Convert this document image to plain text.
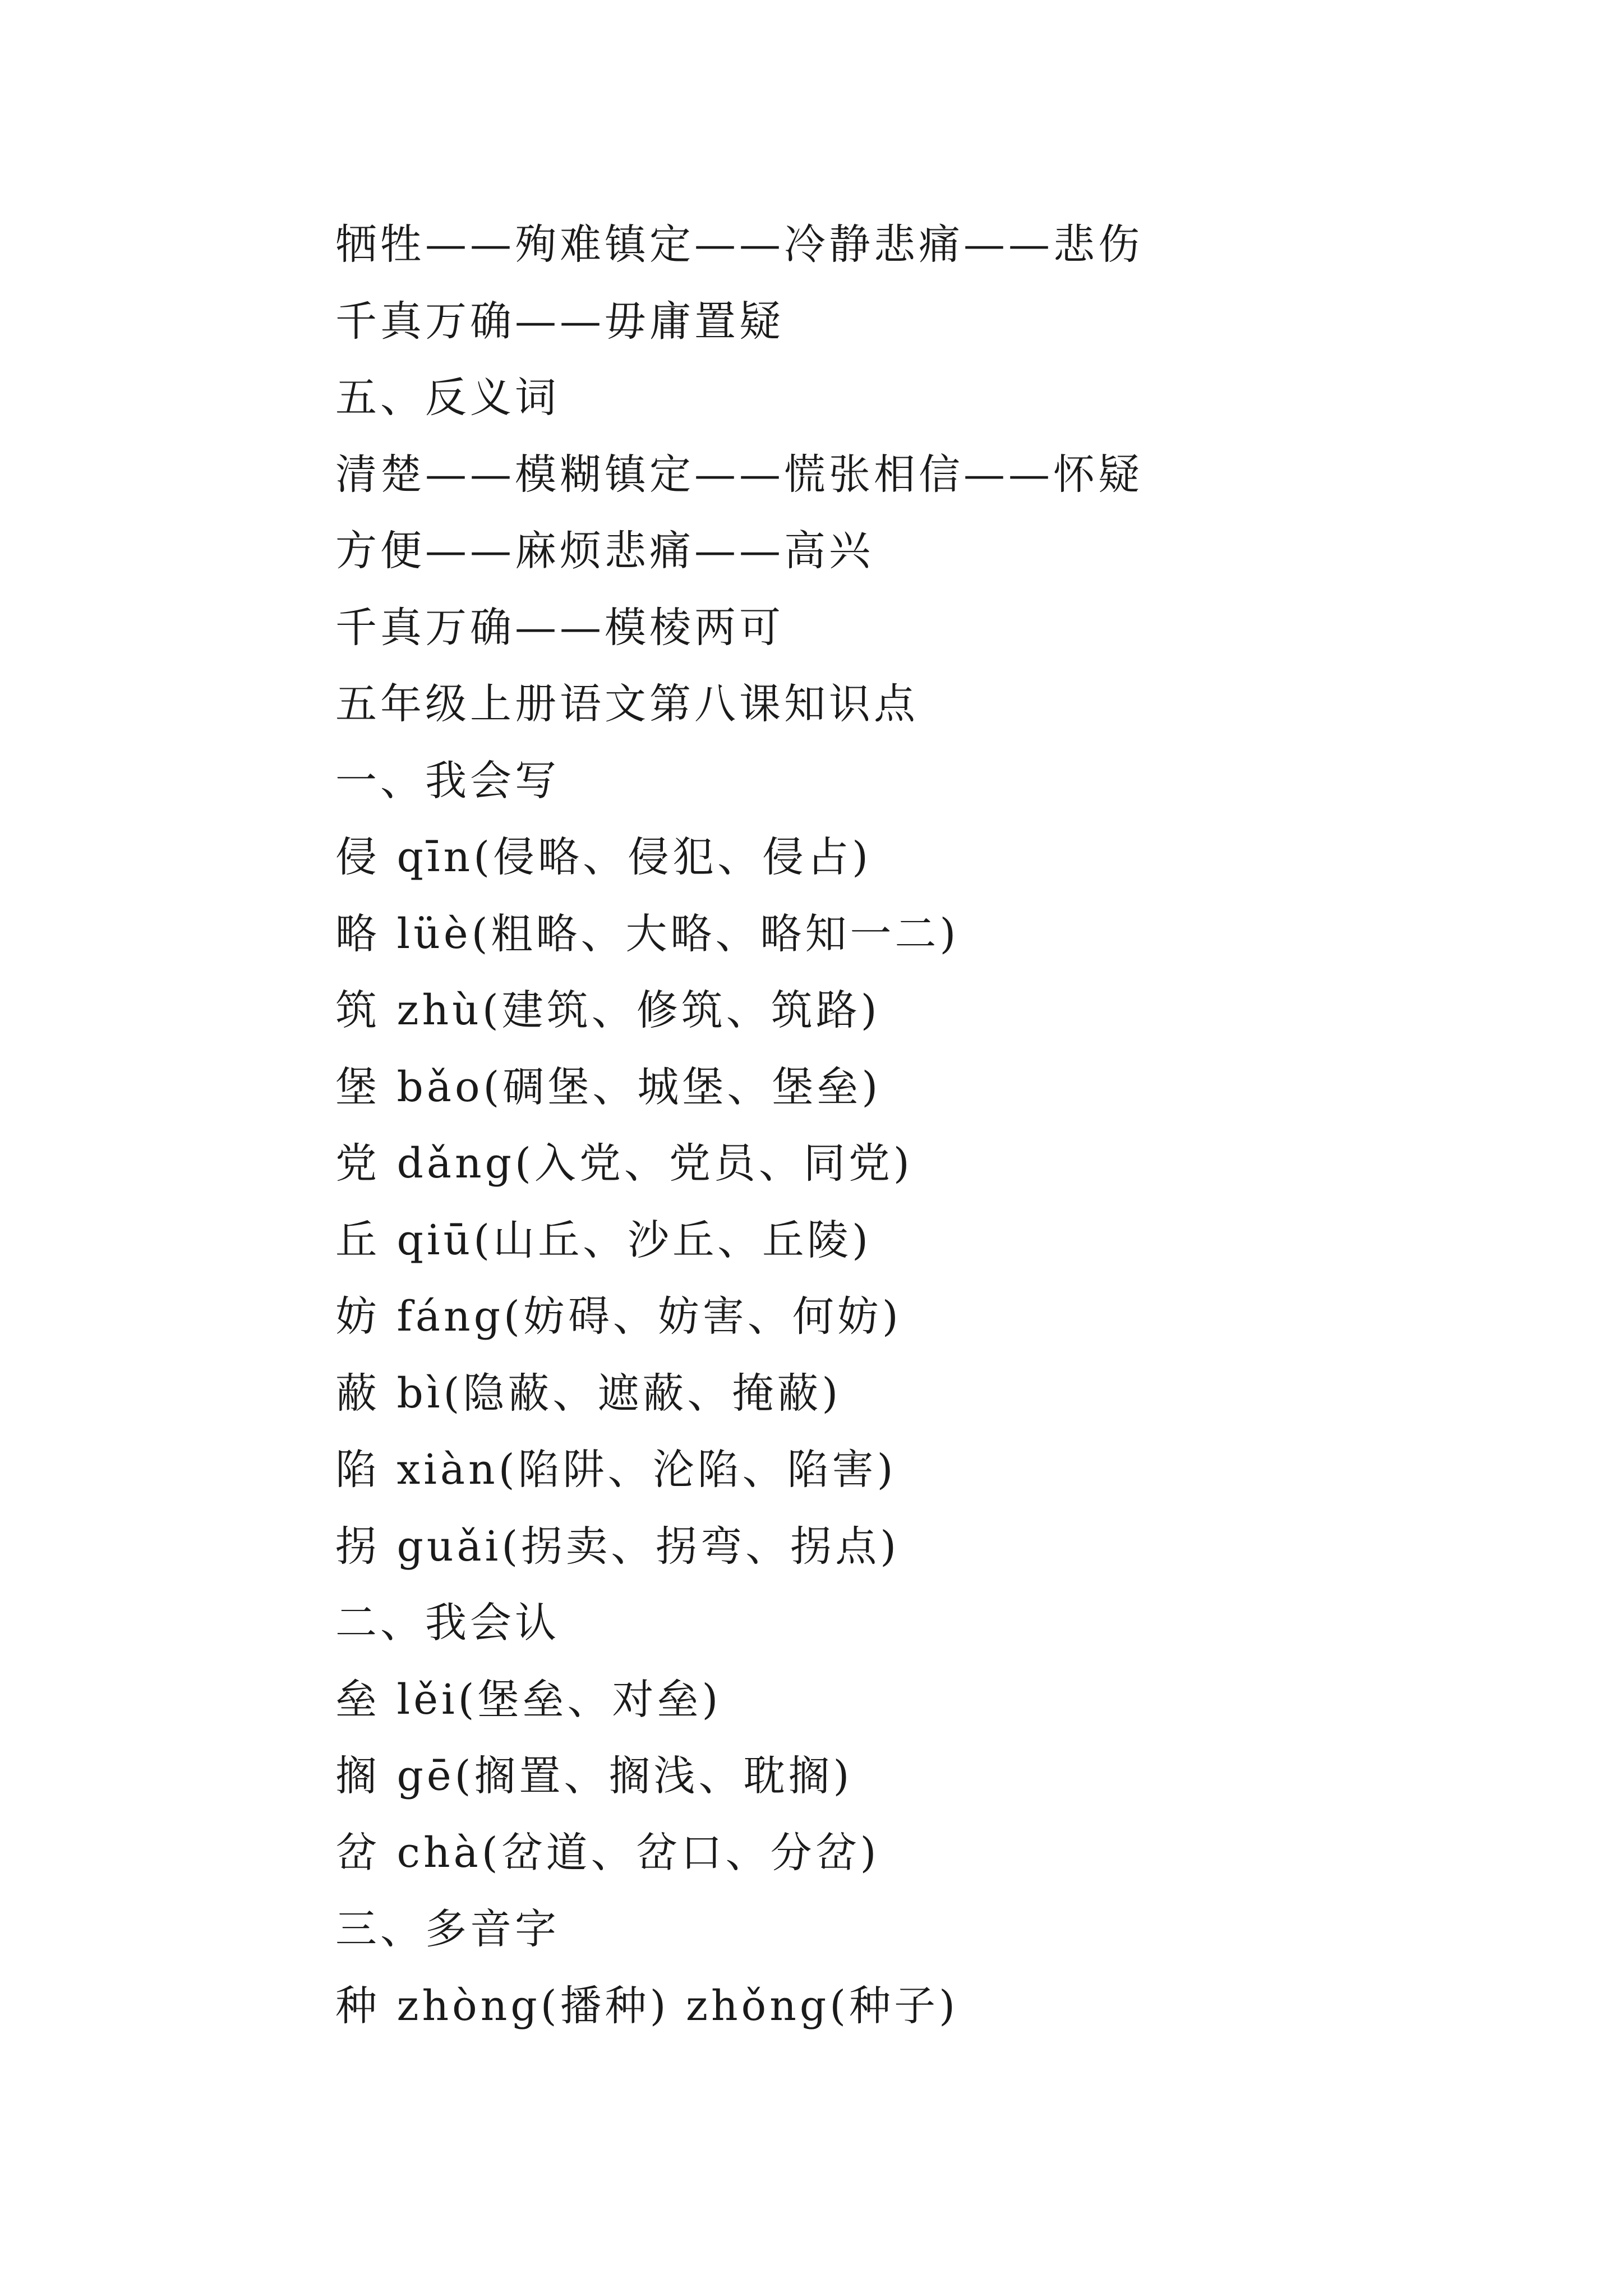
牺牲——殉难镇定——冷静悲痛——悲伤
千真万确——毋庸置疑
五、反义词
清楚——模糊镇定——慌张相信——怀疑
方便——麻烦悲痛——高兴
千真万确——模棱两可
五年级上册语文第八课知识点
一、我会写
侵 qīn(侵略、侵犯、侵占)
略 lüè(粗略、大略、略知一二)
筑 zhù(建筑、修筑、筑路)
堡 bǎo(碉堡、城堡、堡垒)
党 dǎng(入党、党员、同党)
丘 qiū(山丘、沙丘、丘陵)
妨 fáng(妨碍、妨害、何妨)
蔽 bì(隐蔽、遮蔽、掩蔽)
陷 xiàn(陷阱、沦陷、陷害)
拐 guǎi(拐卖、拐弯、拐点)
二、我会认
垒 lěi(堡垒、对垒)
搁 gē(搁置、搁浅、耽搁)
岔 chà(岔道、岔口、分岔)
三、多音字
种 zhòng(播种) zhǒng(种子)
